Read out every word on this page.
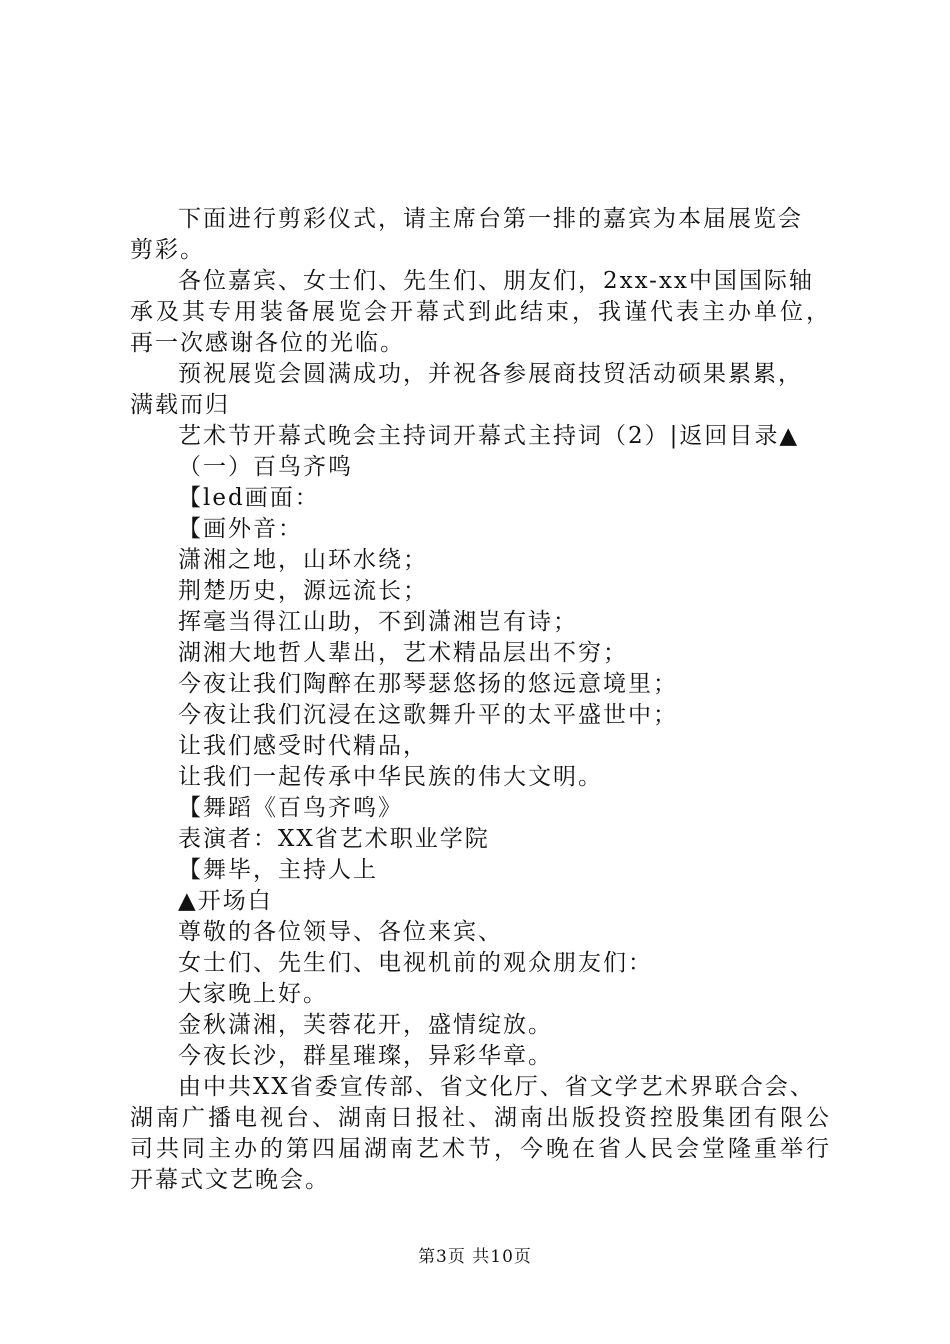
下面进行剪彩仪式，请主席台第一排的嘉宾为本届展览会
剪彩。
各位嘉宾、女士们、先生们、朋友们，2xx-xx中国国际轴
承及其专用装备展览会开幕式到此结束，我谨代表主办单位，
再一次感谢各位的光临。
预祝展览会圆满成功，并祝各参展商技贸活动硕果累累，
满载而归
艺术节开幕式晚会主持词开幕式主持词（2）|返回目录▲
（一）百鸟齐鸣
【led画面：
【画外音：
潇湘之地，山环水绕；
荆楚历史，源远流长；
挥毫当得江山助，不到潇湘岂有诗；
湖湘大地哲人辈出，艺术精品层出不穷；
今夜让我们陶醉在那琴瑟悠扬的悠远意境里；
今夜让我们沉浸在这歌舞升平的太平盛世中；
让我们感受时代精品，
让我们一起传承中华民族的伟大文明。
【舞蹈《百鸟齐鸣》
表演者：XX省艺术职业学院
【舞毕，主持人上
▲开场白
尊敬的各位领导、各位来宾、
女士们、先生们、电视机前的观众朋友们：
大家晚上好。
金秋潇湘，芙蓉花开，盛情绽放。
今夜长沙，群星璀璨，异彩华章。
由中共XX省委宣传部、省文化厅、省文学艺术界联合会、
湖南广播电视台、湖南日报社、湖南出版投资控股集团有限公
司共同主办的第四届湖南艺术节，今晚在省人民会堂隆重举行
开幕式文艺晚会。
第3页 共10页
